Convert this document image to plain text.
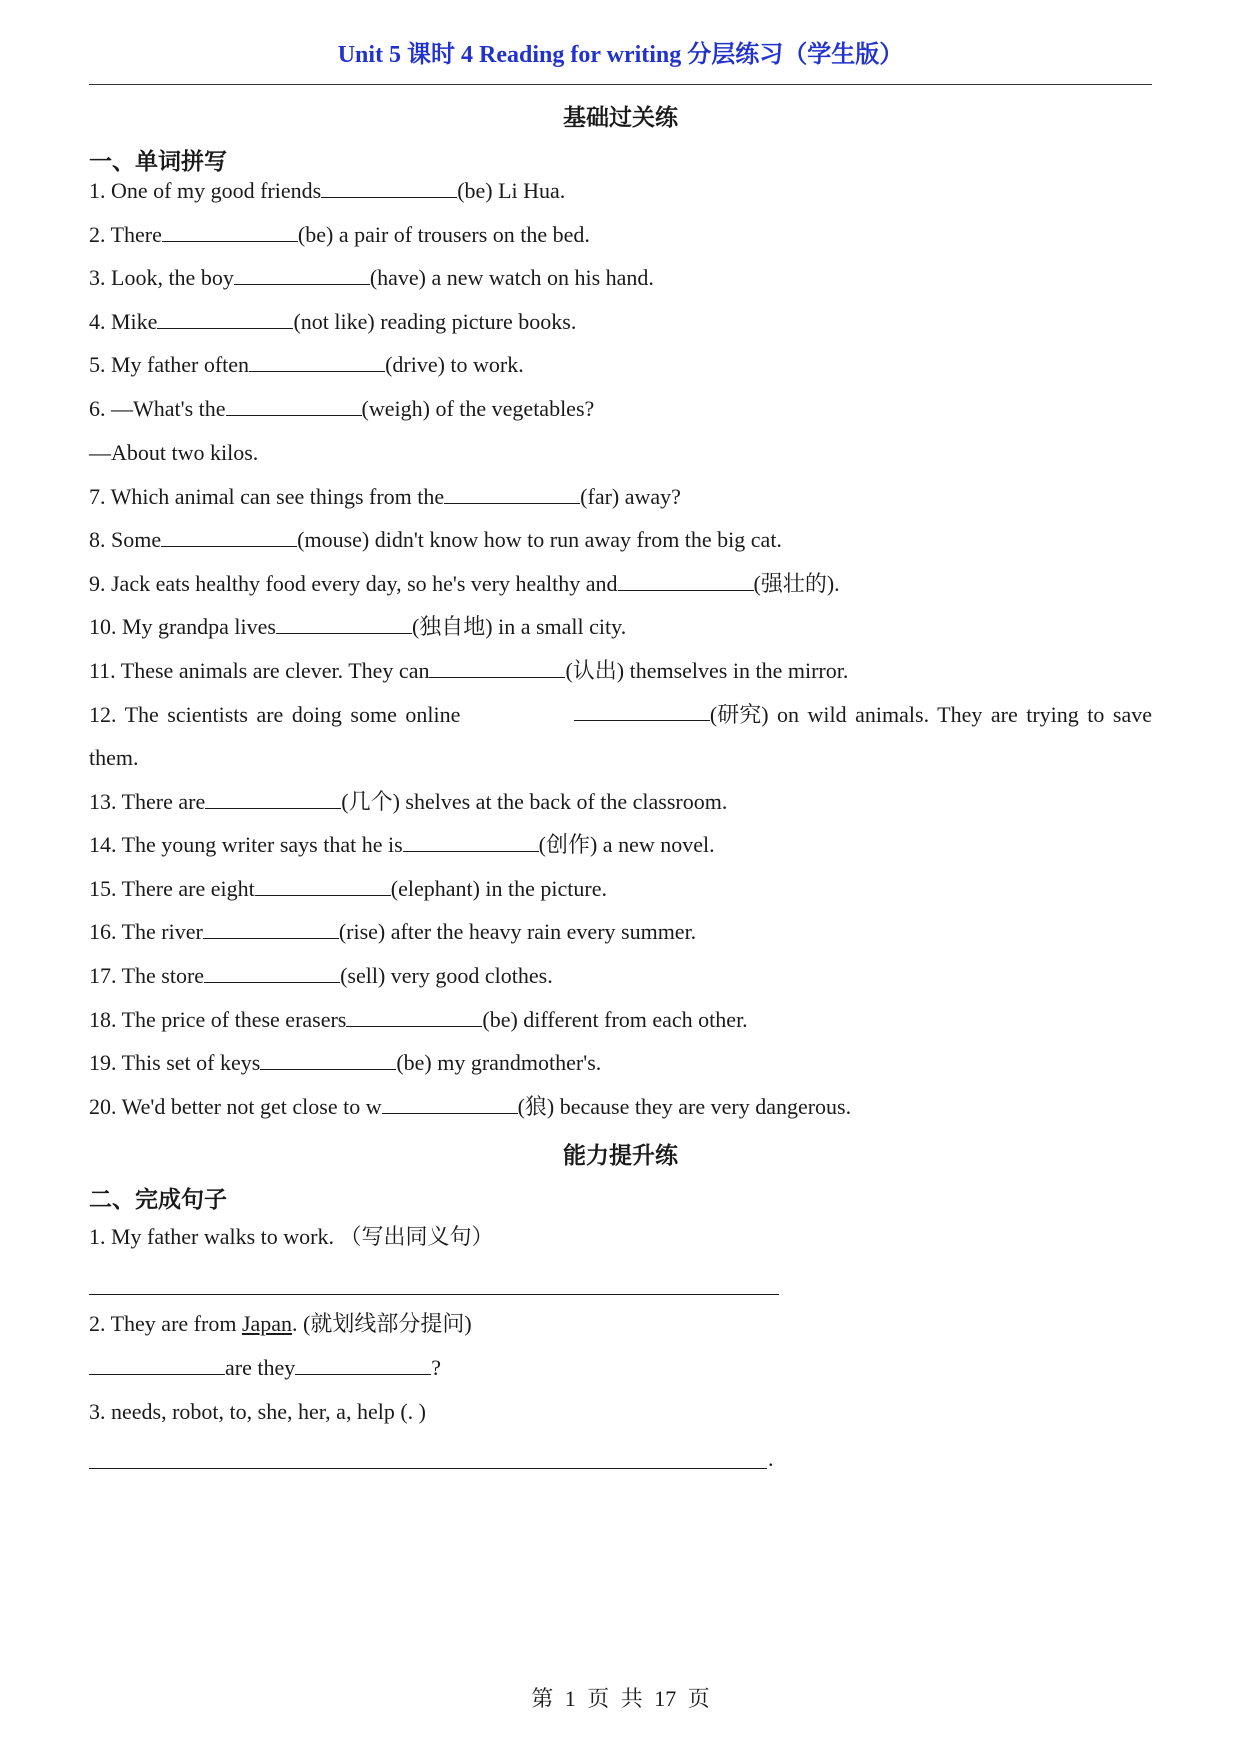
Unit 5 课时 4 Reading for writing 分层练习（学生版）
基础过关练
一、单词拼写
1. One of my good friends	(be) Li Hua.
2. There	(be) a pair of trousers on the bed.
3. Look, the boy	(have) a new watch on his hand.
4. Mike	(not like) reading picture books.
5. My father often	(drive) to work.
6. —What's the	(weigh) of the vegetables?
—About two kilos.
7. Which animal can see things from the	(far) away?
8. Some	(mouse) didn't know how to run away from the big cat.
9. Jack eats healthy food every day, so he's very healthy and	(强壮的).
10. My grandpa lives	(独自地) in a small city.
11. These animals are clever. They can	(认出) themselves in the mirror.
12. The scientists are doing some online	(研究) on wild animals. They are trying to save
them.
13. There are	(几个) shelves at the back of the classroom.
14. The young writer says that he is	(创作) a new novel.
15. There are eight	(elephant) in the picture.
16. The river	(rise) after the heavy rain every summer.
17. The store	(sell) very good clothes.
18. The price of these erasers	(be) different from each other.
19. This set of keys	(be) my grandmother's.
20. We'd better not get close to w	(狼) because they are very dangerous.
能力提升练
二、完成句子
1. My father walks to work. （写出同义句）
2. They are from Japan. (就划线部分提问)
are they	?
3. needs, robot, to, she, her, a, help (. )
.
第 1 页 共 17 页
